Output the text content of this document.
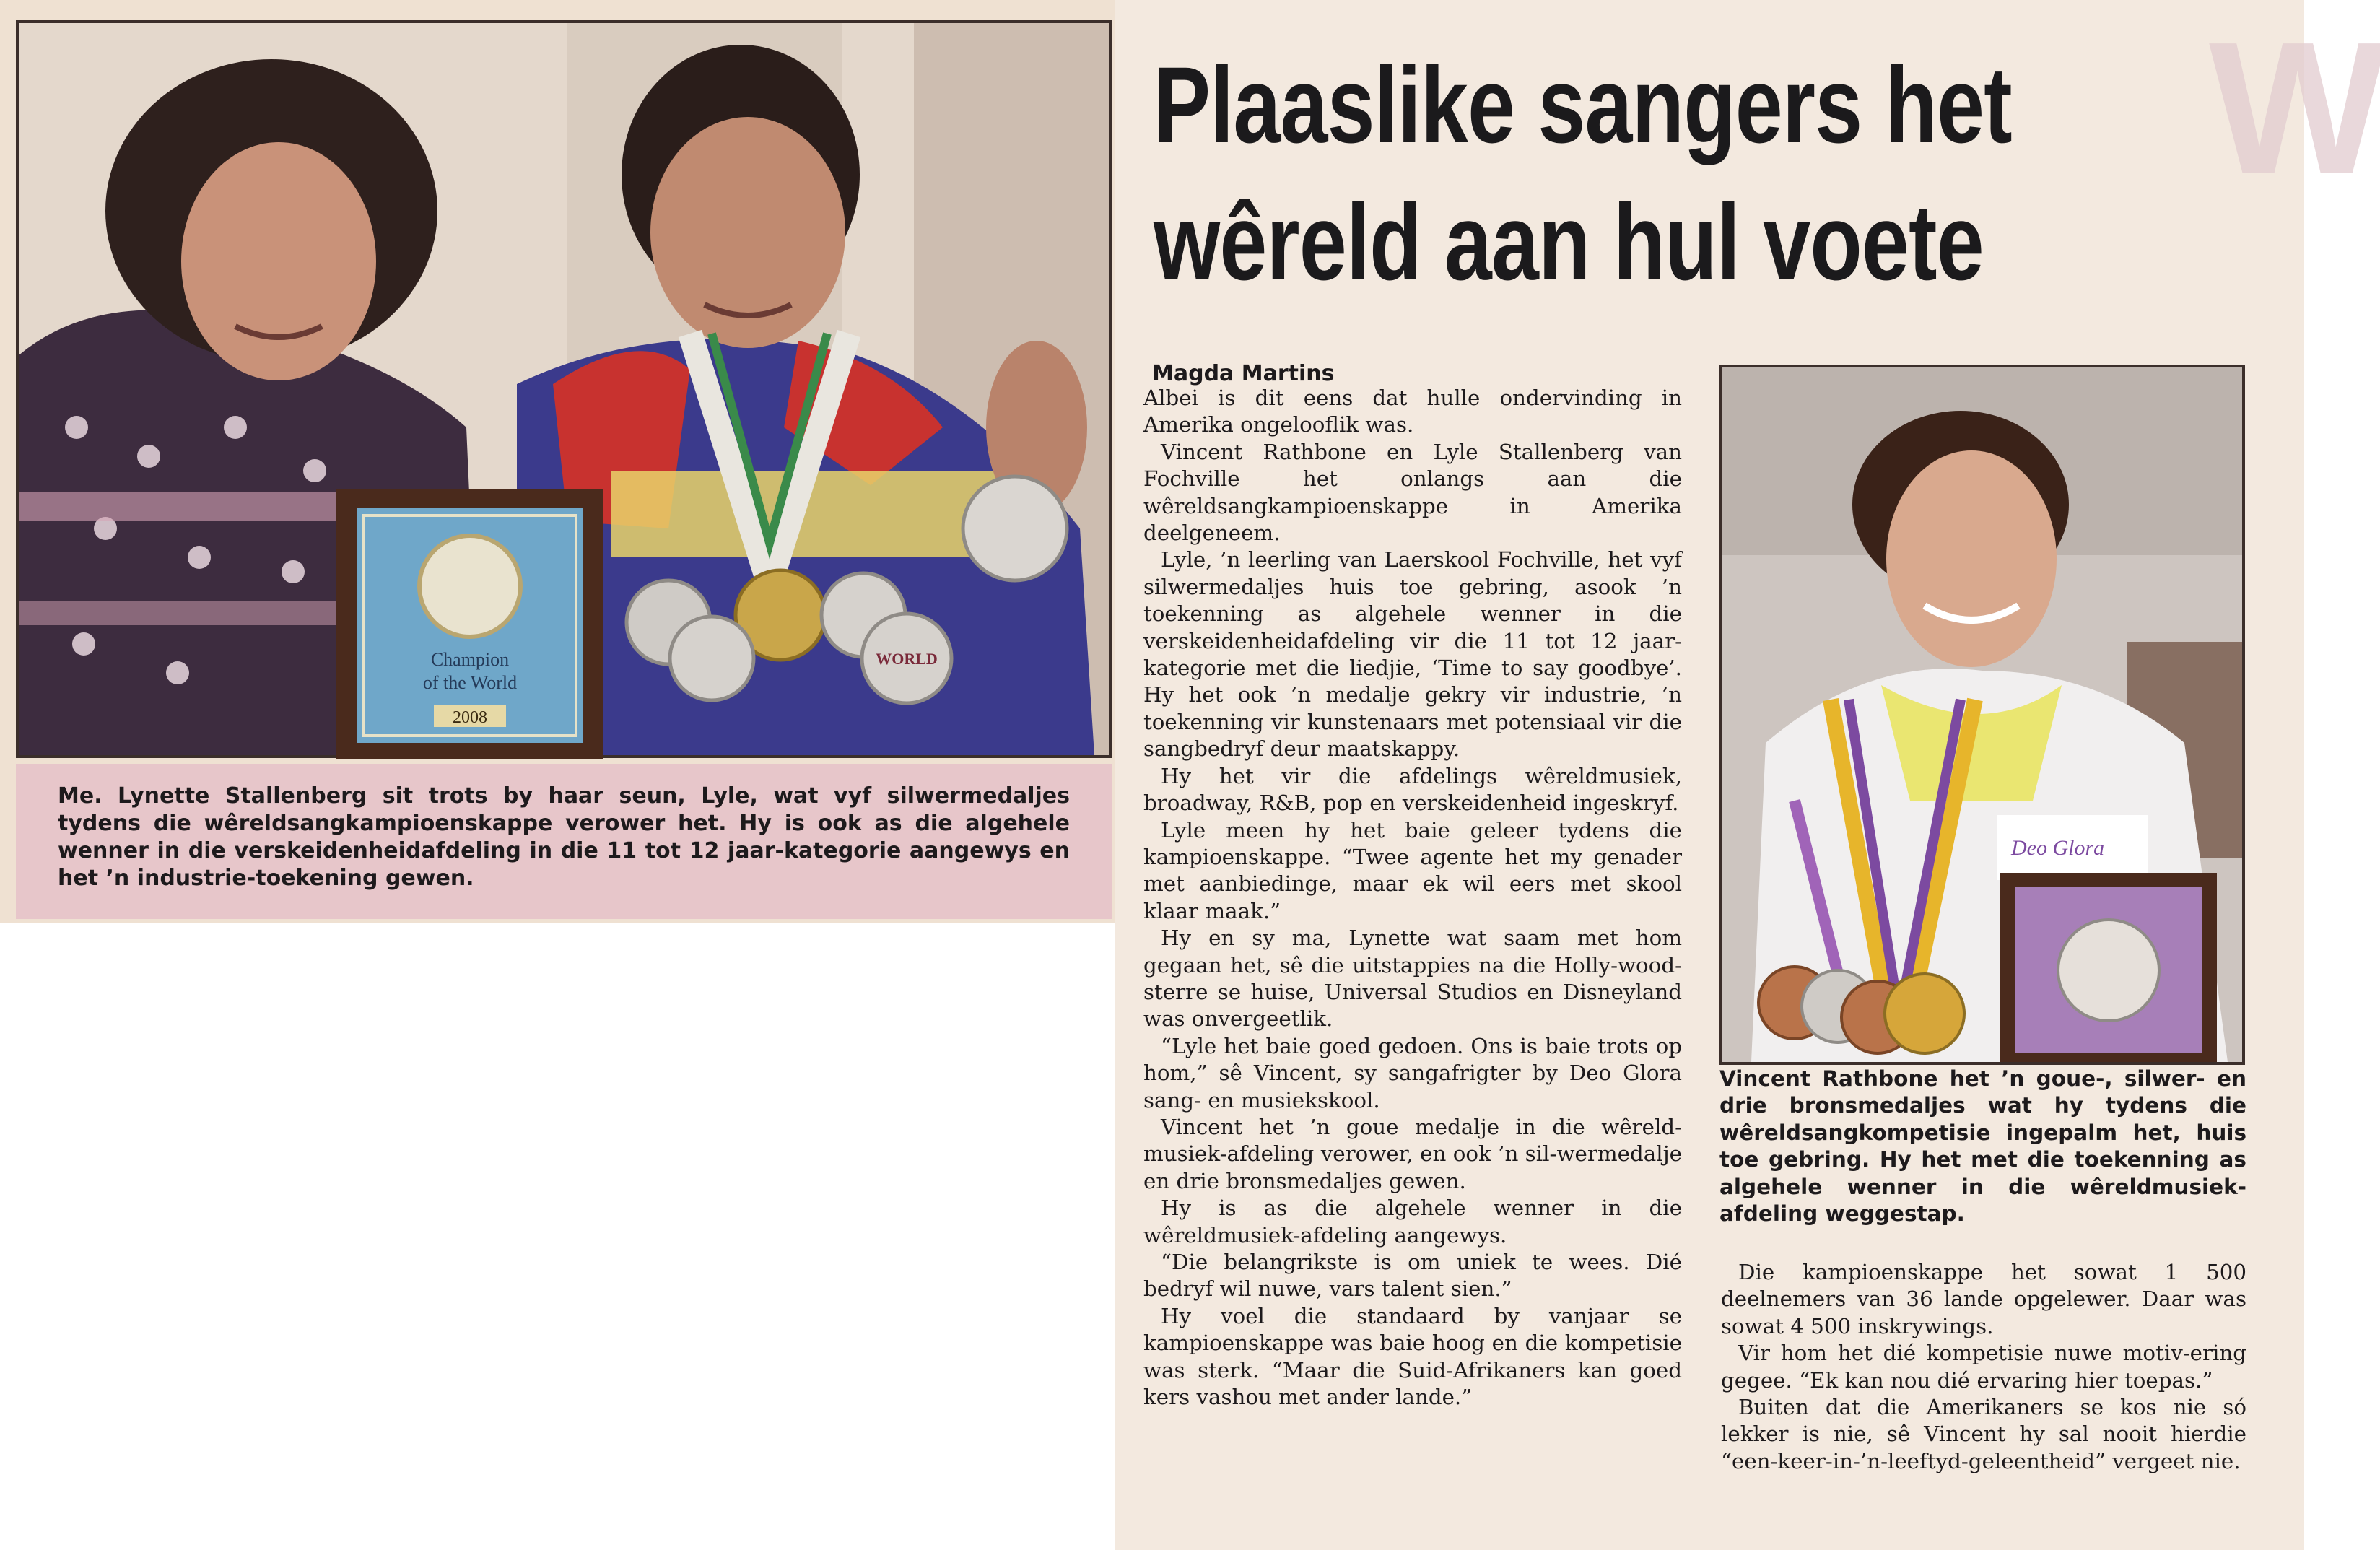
W
WORLD
Champion
of the World
2008
Me. Lynette Stallenberg sit trots by haar seun, Lyle, wat vyf silwermedaljes tydens die wêreldsangkampioenskappe verower het. Hy is ook as die algehele wenner in die verskeidenheidafdeling in die 11 tot 12 jaar-kategorie aangewys en het ’n industrie-toekening gewen.
Plaaslike sangers het
wêreld aan hul voete
Magda Martins

Albei is dit eens dat hulle ondervinding in Amerika ongelooflik was.

Vincent Rathbone en Lyle Stallenberg van Fochville het onlangs aan die wêreldsangkampioenskappe in Amerika deelgeneem.

Lyle, ’n leerling van Laerskool Fochville, het vyf silwermedaljes huis toe gebring, asook ’n toekenning as algehele wenner in die verskeidenheidafdeling vir die 11 tot 12 jaar-kategorie met die liedjie, ‘Time to say goodbye’. Hy het ook ’n medalje gekry vir industrie, ’n toekenning vir kunstenaars met potensiaal vir die sangbedryf deur maatskappy.

Hy het vir die afdelings wêreldmusiek, broadway, R&B, pop en verskeidenheid ingeskryf.

Lyle meen hy het baie geleer tydens die kampioenskappe. “Twee agente het my genader met aanbiedinge, maar ek wil eers met skool klaar maak.”

Hy en sy ma, Lynette wat saam met hom gegaan het, sê die uitstappies na die Holly-wood-sterre se huise, Universal Studios en Disneyland was onvergeetlik.

“Lyle het baie goed gedoen. Ons is baie trots op hom,” sê Vincent, sy sangafrigter by Deo Glora sang- en musiekskool.

Vincent het ’n goue medalje in die wêreld-musiek-afdeling verower, en ook ’n sil-wermedalje en drie bronsmedaljes gewen.

Hy is as die algehele wenner in die wêreldmusiek-afdeling aangewys.

“Die belangrikste is om uniek te wees. Dié bedryf wil nuwe, vars talent sien.”

Hy voel die standaard by vanjaar se kampioenskappe was baie hoog en die kompetisie was sterk. “Maar die Suid-Afrikaners kan goed kers vashou met ander lande.”

Deo Glora
Vincent Rathbone het ’n goue-, silwer- en drie bronsmedaljes wat hy tydens die wêreldsangkompetisie ingepalm het, huis toe gebring. Hy het met die toekenning as algehele wenner in die wêreldmusiek-afdeling weggestap.

Die kampioenskappe het sowat 1 500 deelnemers van 36 lande opgelewer. Daar was sowat 4 500 inskrywings.

Vir hom het dié kompetisie nuwe motiv-ering gegee. “Ek kan nou dié ervaring hier toepas.”

Buiten dat die Amerikaners se kos nie só lekker is nie, sê Vincent hy sal nooit hierdie “een-keer-in-’n-leeftyd-geleentheid” vergeet nie.
